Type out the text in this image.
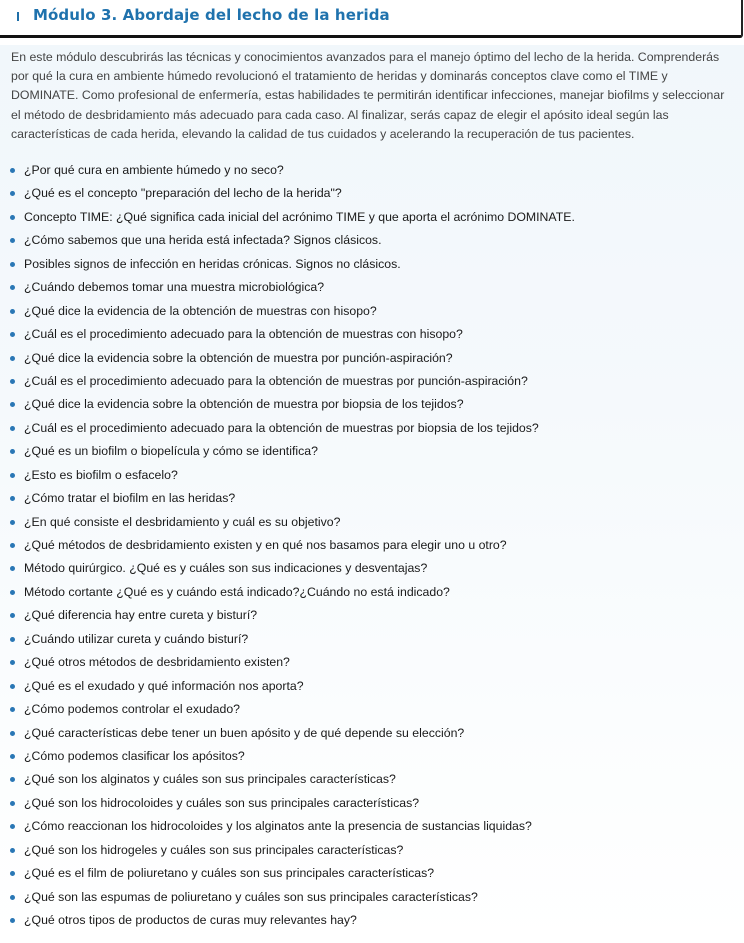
Módulo 3. Abordaje del lecho de la herida

En este módulo descubrirás las técnicas y conocimientos avanzados para el manejo óptimo del lecho de la herida. Comprenderás por qué la cura en ambiente húmedo revolucionó el tratamiento de heridas y dominarás conceptos clave como el TIME y DOMINATE. Como profesional de enfermería, estas habilidades te permitirán identificar infecciones, manejar biofilms y seleccionar el método de desbridamiento más adecuado para cada caso. Al finalizar, serás capaz de elegir el apósito ideal según las características de cada herida, elevando la calidad de tus cuidados y acelerando la recuperación de tus pacientes.

¿Por qué cura en ambiente húmedo y no seco?
¿Qué es el concepto "preparación del lecho de la herida"?
Concepto TIME: ¿Qué significa cada inicial del acrónimo TIME y que aporta el acrónimo DOMINATE.
¿Cómo sabemos que una herida está infectada? Signos clásicos.
Posibles signos de infección en heridas crónicas. Signos no clásicos.
¿Cuándo debemos tomar una muestra microbiológica?
¿Qué dice la evidencia de la obtención de muestras con hisopo?
¿Cuál es el procedimiento adecuado para la obtención de muestras con hisopo?
¿Qué dice la evidencia sobre la obtención de muestra por punción-aspiración?
¿Cuál es el procedimiento adecuado para la obtención de muestras por punción-aspiración?
¿Qué dice la evidencia sobre la obtención de muestra por biopsia de los tejidos?
¿Cuál es el procedimiento adecuado para la obtención de muestras por biopsia de los tejidos?
¿Qué es un biofilm o biopelícula y cómo se identifica?
¿Esto es biofilm o esfacelo?
¿Cómo tratar el biofilm en las heridas?
¿En qué consiste el desbridamiento y cuál es su objetivo?
¿Qué métodos de desbridamiento existen y en qué nos basamos para elegir uno u otro?
Método quirúrgico. ¿Qué es y cuáles son sus indicaciones y desventajas?
Método cortante ¿Qué es y cuándo está indicado?¿Cuándo no está indicado?
¿Qué diferencia hay entre cureta y bisturí?
¿Cuándo utilizar cureta y cuándo bisturí?
¿Qué otros métodos de desbridamiento existen?
¿Qué es el exudado y qué información nos aporta?
¿Cómo podemos controlar el exudado?
¿Qué características debe tener un buen apósito y de qué depende su elección?
¿Cómo podemos clasificar los apósitos?
¿Qué son los alginatos y cuáles son sus principales características?
¿Qué son los hidrocoloides y cuáles son sus principales características?
¿Cómo reaccionan los hidrocoloides y los alginatos ante la presencia de sustancias liquidas?
¿Qué son los hidrogeles y cuáles son sus principales características?
¿Qué es el film de poliuretano y cuáles son sus principales características?
¿Qué son las espumas de poliuretano y cuáles son sus principales características?
¿Qué otros tipos de productos de curas muy relevantes hay?
